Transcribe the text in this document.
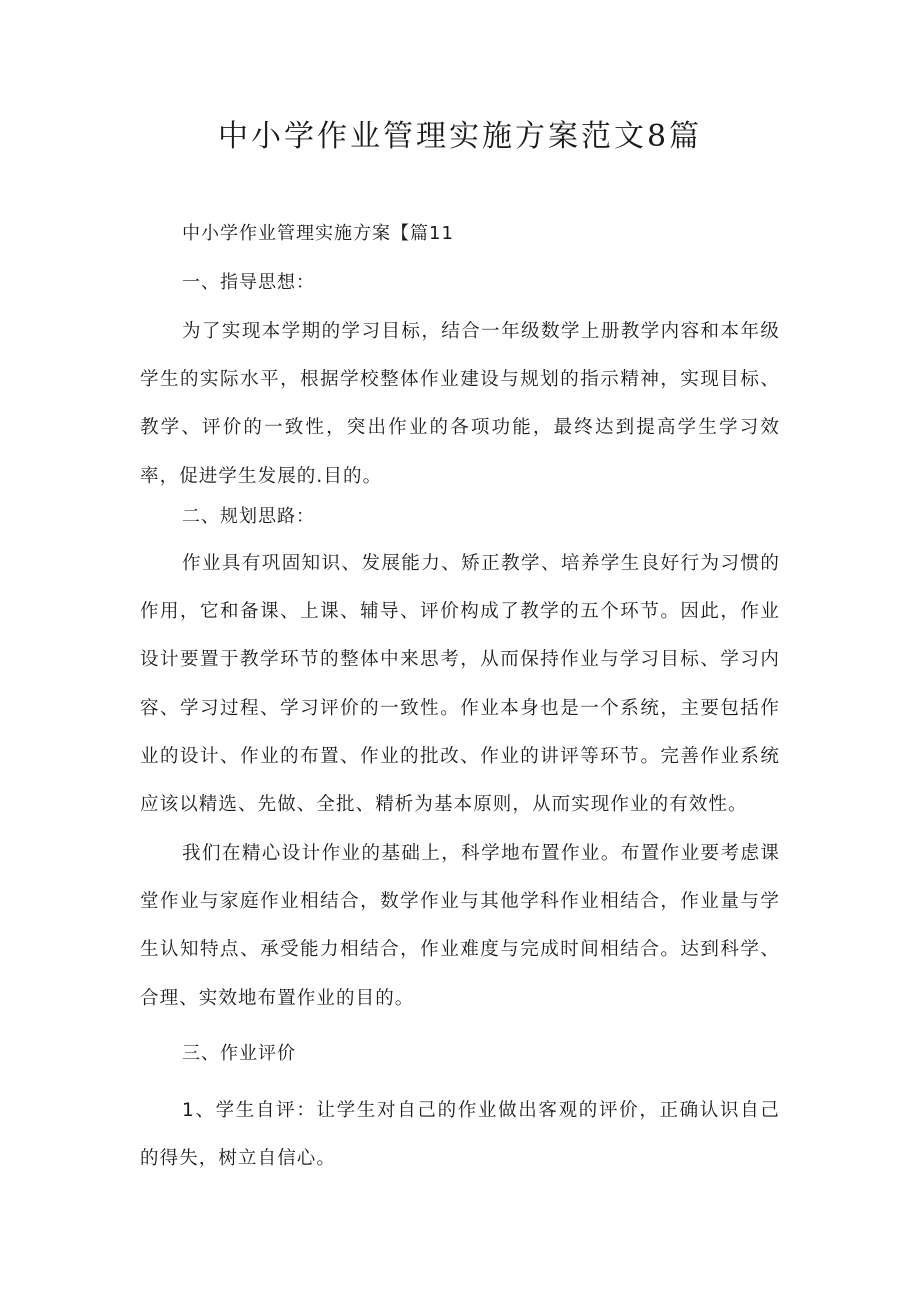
中小学作业管理实施方案范文8篇
中小学作业管理实施方案【篇11
一、指导思想：
为了实现本学期的学习目标，结合一年级数学上册教学内容和本年级学生的实际水平，根据学校整体作业建设与规划的指示精神，实现目标、教学、评价的一致性，突出作业的各项功能，最终达到提高学生学习效率，促进学生发展的.目的。
二、规划思路：
作业具有巩固知识、发展能力、矫正教学、培养学生良好行为习惯的作用，它和备课、上课、辅导、评价构成了教学的五个环节。因此，作业设计要置于教学环节的整体中来思考，从而保持作业与学习目标、学习内容、学习过程、学习评价的一致性。作业本身也是一个系统，主要包括作业的设计、作业的布置、作业的批改、作业的讲评等环节。完善作业系统应该以精选、先做、全批、精析为基本原则，从而实现作业的有效性。
我们在精心设计作业的基础上，科学地布置作业。布置作业要考虑课堂作业与家庭作业相结合，数学作业与其他学科作业相结合，作业量与学生认知特点、承受能力相结合，作业难度与完成时间相结合。达到科学、合理、实效地布置作业的目的。
三、作业评价
1、学生自评：让学生对自己的作业做出客观的评价，正确认识自己的得失，树立自信心。
